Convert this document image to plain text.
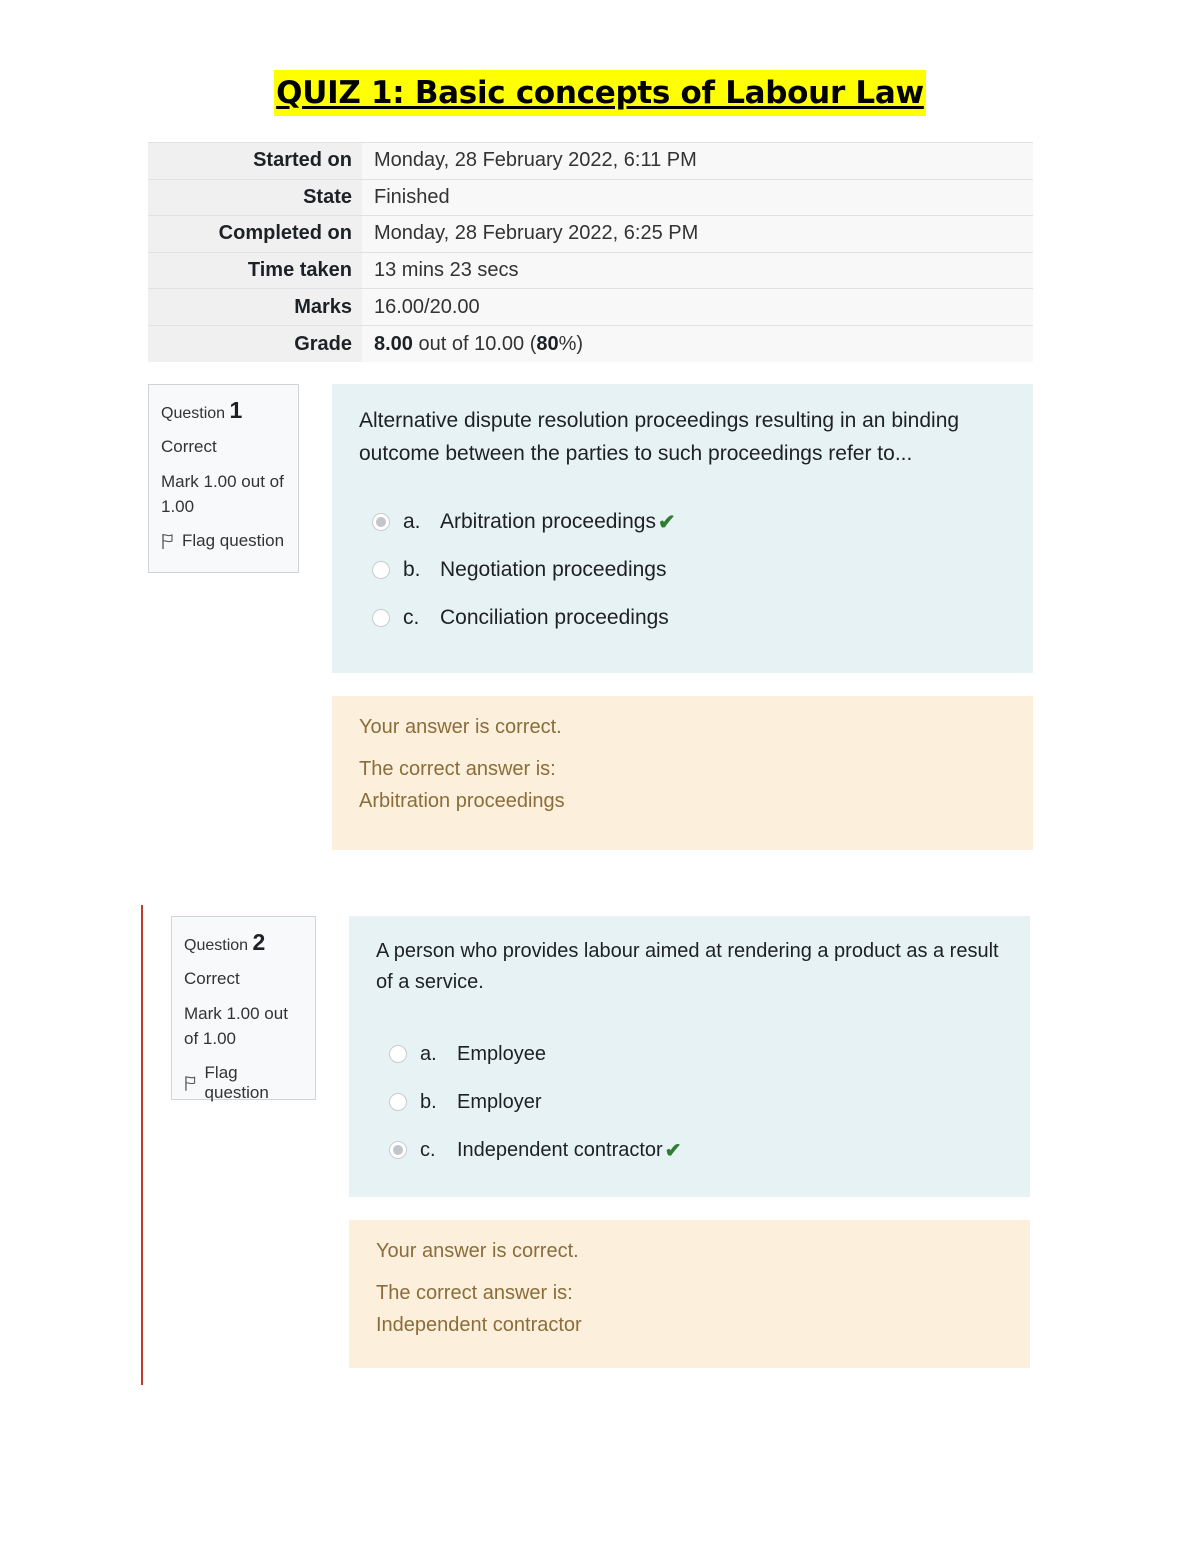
QUIZ 1: Basic concepts of Labour Law
Started on	Monday, 28 February 2022, 6:11 PM
State	Finished
Completed on	Monday, 28 February 2022, 6:25 PM
Time taken	13 mins 23 secs
Marks	16.00/20.00
Grade	8.00 out of 10.00 (80%)
Question 1
Correct
Mark 1.00 out of 1.00
Flag question
Alternative dispute resolution proceedings resulting in an binding outcome between the parties to such proceedings refer to...
a. Arbitration proceedings ✔
b. Negotiation proceedings
c. Conciliation proceedings
Your answer is correct.
The correct answer is:
Arbitration proceedings
Question 2
Correct
Mark 1.00 out of 1.00
Flag question
A person who provides labour aimed at rendering a product as a result of a service.
a.	Employee
b.	Employer
c.	Independent contractor ✔
Your answer is correct.
The correct answer is:
Independent contractor
